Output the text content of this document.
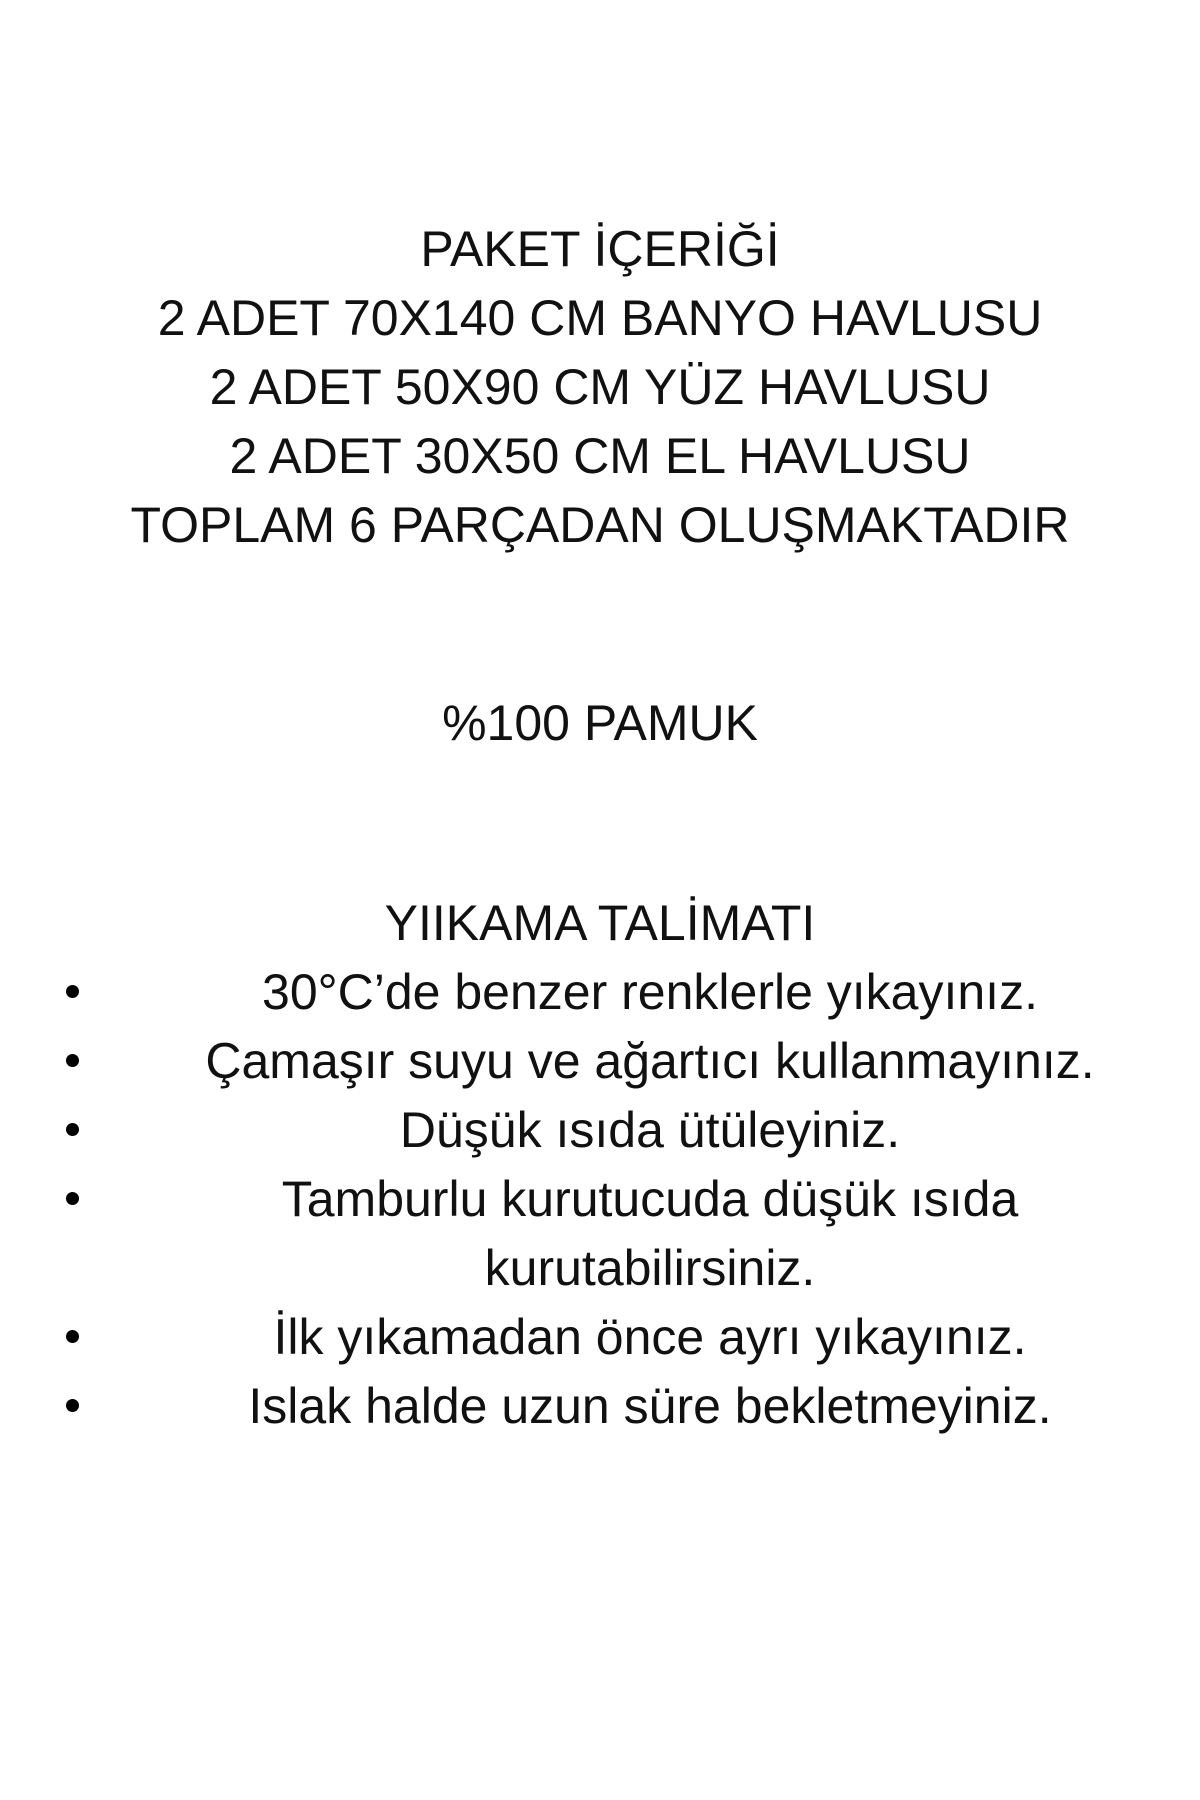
PAKET İÇERİĞİ
2 ADET 70X140 CM BANYO HAVLUSU
2 ADET 50X90 CM YÜZ HAVLUSU
2 ADET 30X50 CM EL HAVLUSU
TOPLAM 6 PARÇADAN OLUŞMAKTADIR
%100 PAMUK
YIIKAMA TALİMATI
30°C’de benzer renklerle yıkayınız.
Çamaşır suyu ve ağartıcı kullanmayınız.
Düşük ısıda ütüleyiniz.
Tamburlu kurutucuda düşük ısıda
kurutabilirsiniz.
İlk yıkamadan önce ayrı yıkayınız.
Islak halde uzun süre bekletmeyiniz.
